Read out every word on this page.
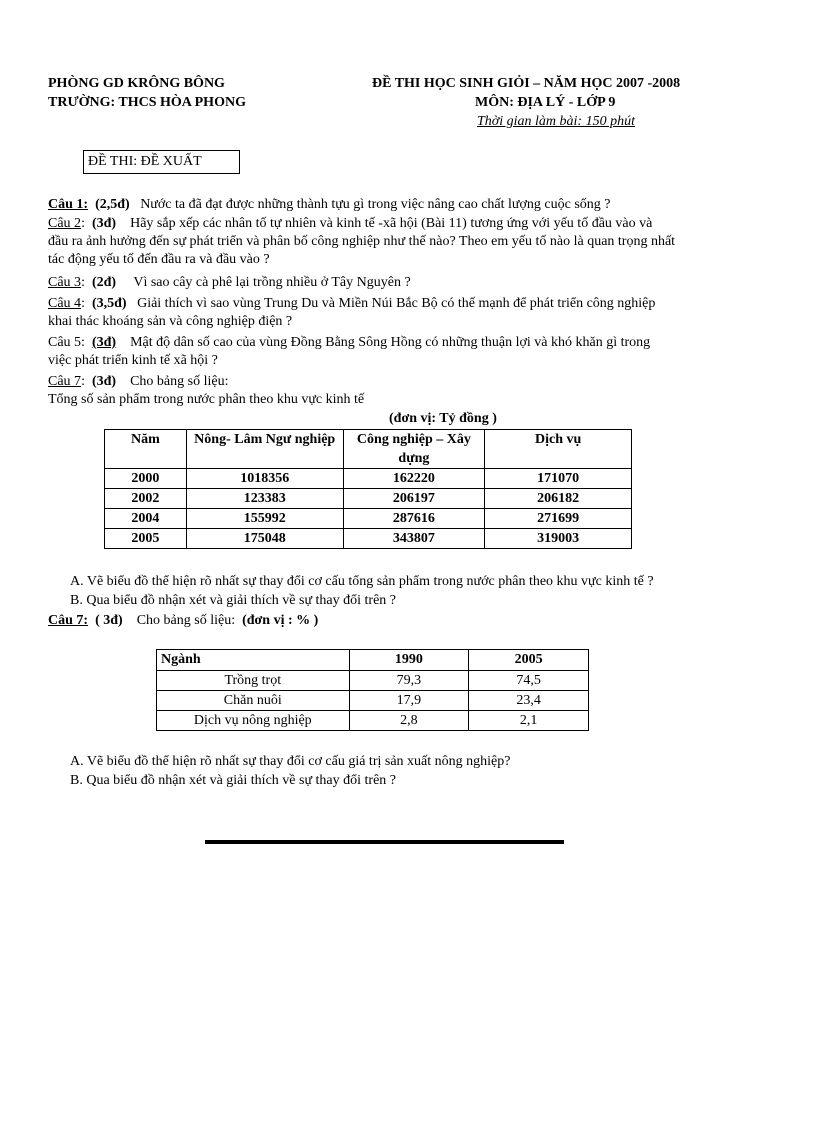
PHÒNG GD KRÔNG BÔNG
TRƯỜNG: THCS HÒA PHONG
ĐỀ THI HỌC SINH GIỎI – NĂM HỌC 2007 -2008
MÔN: ĐỊA LÝ - LỚP 9
Thời gian làm bài: 150 phút
ĐỀ THI: ĐỀ XUẤT
Câu 1: (2,5đ) Nước ta đã đạt được những thành tựu gì trong việc nâng cao chất lượng cuộc sống ?
Câu 2:  (3đ) Hãy sắp xếp các nhân tố tự nhiên và kinh tế -xã hội (Bài 11) tương ứng với yếu tố đầu vào và
đầu ra ảnh hưởng đến sự phát triển và phân bố công nghiệp như thế nào? Theo em yếu tố nào là quan trọng nhất
tác động yếu tố đến đầu ra và đầu vào ?
Câu 3:  (2đ) Vì sao cây cà phê lại trồng nhiều ở Tây Nguyên ?
Câu 4:  (3,5đ) Giải thích vì sao vùng Trung Du và Miền Núi Bắc Bộ có thế mạnh để phát triển công nghiệp
khai thác khoáng sản và công nghiệp điện ?
Câu 5: (3đ) Mật độ dân số cao của vùng Đồng Bằng Sông Hồng có những thuận lợi và khó khăn gì trong
việc phát triển kinh tế xã hội ?
Câu 7:  (3đ) Cho bảng số liệu:
Tổng số sản phẩm trong nước phân theo khu vực kinh tế
(đơn vị: Tỷ đồng )
Năm	Nông- Lâm Ngư nghiệp	Công nghiệp – Xây dựng	Dịch vụ
2000	1018356	162220	171070
2002	123383	206197	206182
2004	155992	287616	271699
2005	175048	343807	319003
A. Vẽ biểu đồ thể hiện rõ nhất sự thay đổi cơ cấu tổng sản phẩm trong nước phân theo khu vực kinh tế ?
B. Qua biểu đồ nhận xét và giải thích về sự thay đổi trên ?
Câu 7: ( 3đ) Cho bảng số liệu: (đơn vị : % )
Ngành	1990	2005
Trồng trọt	79,3	74,5
Chăn nuôi	17,9	23,4
Dịch vụ nông nghiệp	2,8	2,1
A. Vẽ biểu đồ thể hiện rõ nhất sự thay đổi cơ cấu giá trị sản xuất nông nghiệp?
B. Qua biểu đồ nhận xét và giải thích về sự thay đổi trên ?
